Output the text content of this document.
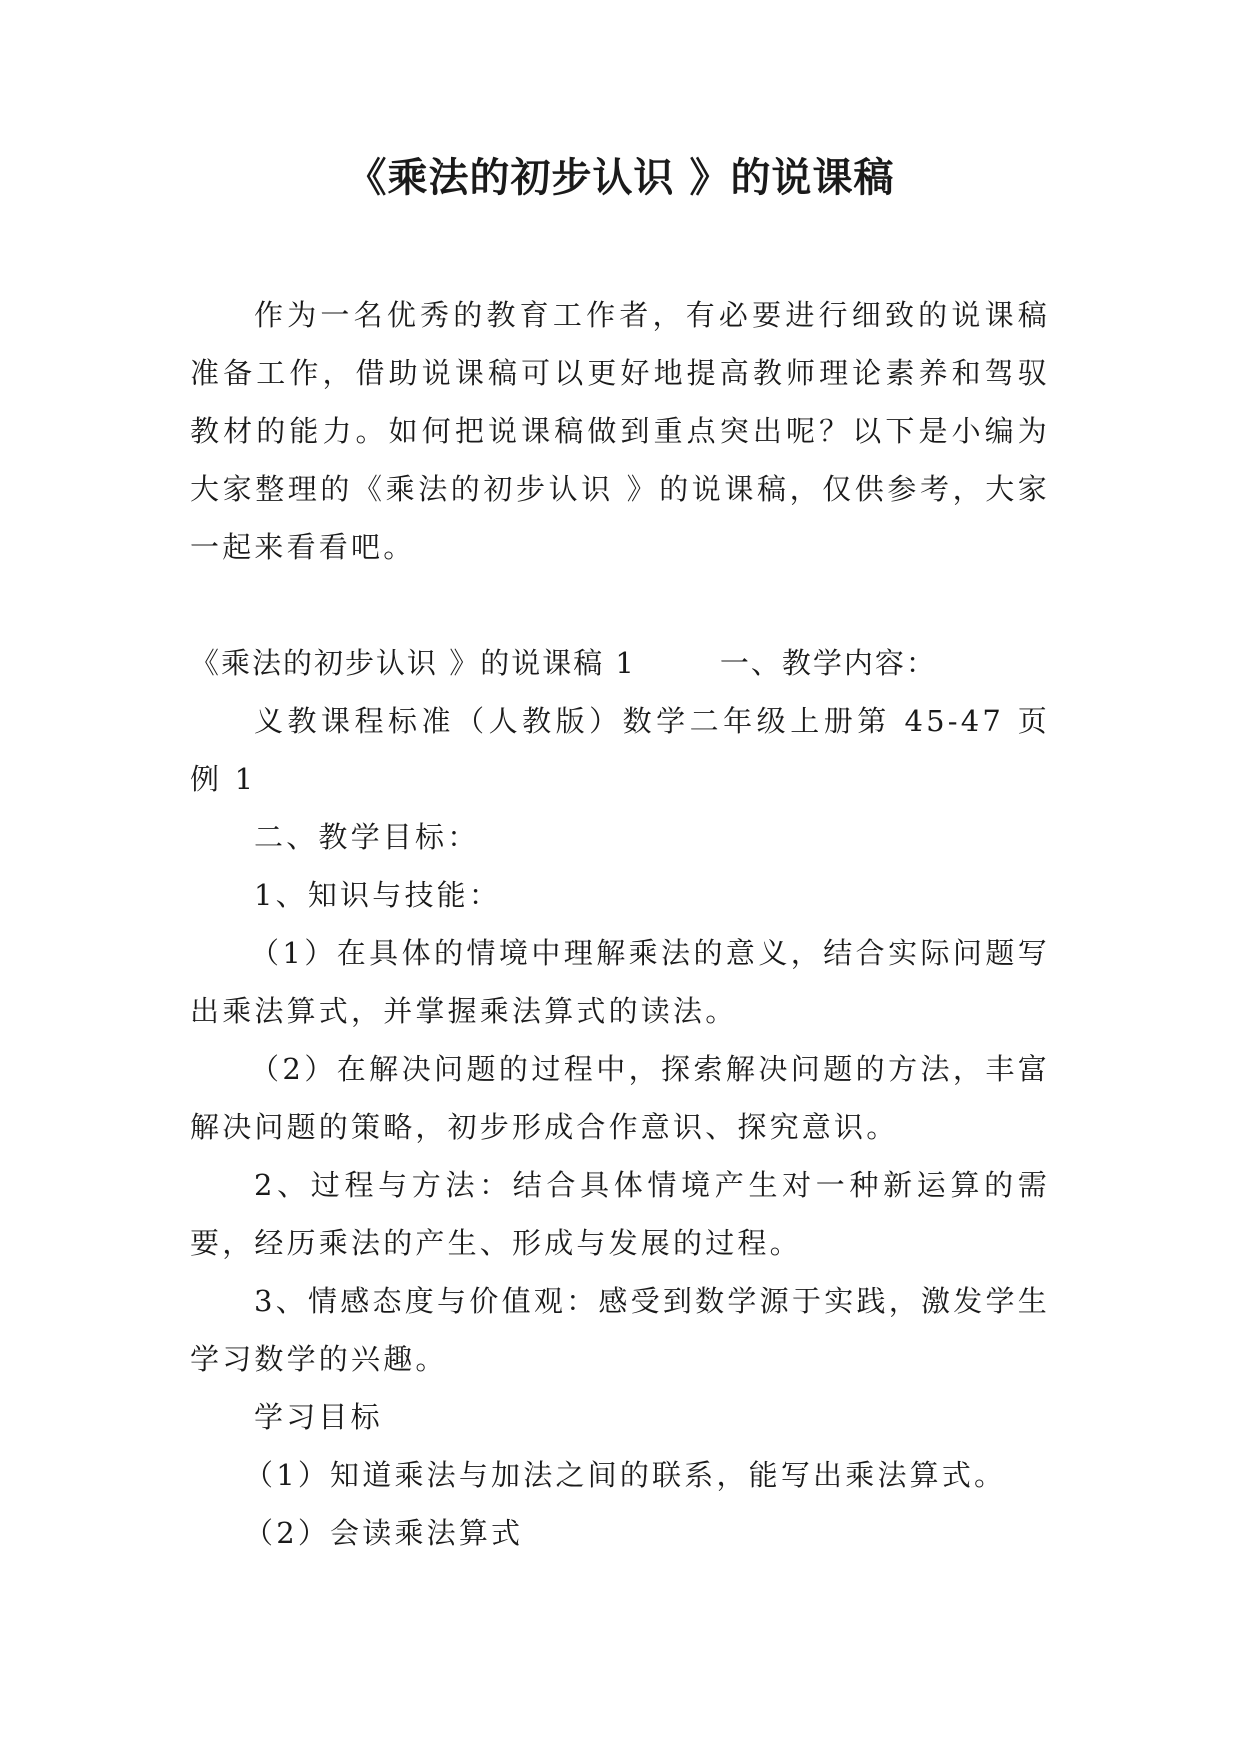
《乘法的初步认识 》的说课稿

作为一名优秀的教育工作者，有必要进行细致的说课稿准备工作，借助说课稿可以更好地提高教师理论素养和驾驭教材的能力。如何把说课稿做到重点突出呢？以下是小编为大家整理的《乘法的初步认识 》的说课稿，仅供参考，大家一起来看看吧。

《乘法的初步认识 》的说课稿 1	一、教学内容：

义教课程标准（人教版）数学二年级上册第 45-47 页例 1

二、教学目标：

1、知识与技能：

（1）在具体的情境中理解乘法的意义，结合实际问题写出乘法算式，并掌握乘法算式的读法。

（2）在解决问题的过程中，探索解决问题的方法，丰富解决问题的策略，初步形成合作意识、探究意识。

2、过程与方法：结合具体情境产生对一种新运算的需要，经历乘法的产生、形成与发展的过程。

3、情感态度与价值观：感受到数学源于实践，激发学生学习数学的兴趣。

学习目标

（1）知道乘法与加法之间的联系，能写出乘法算式。

（2）会读乘法算式
